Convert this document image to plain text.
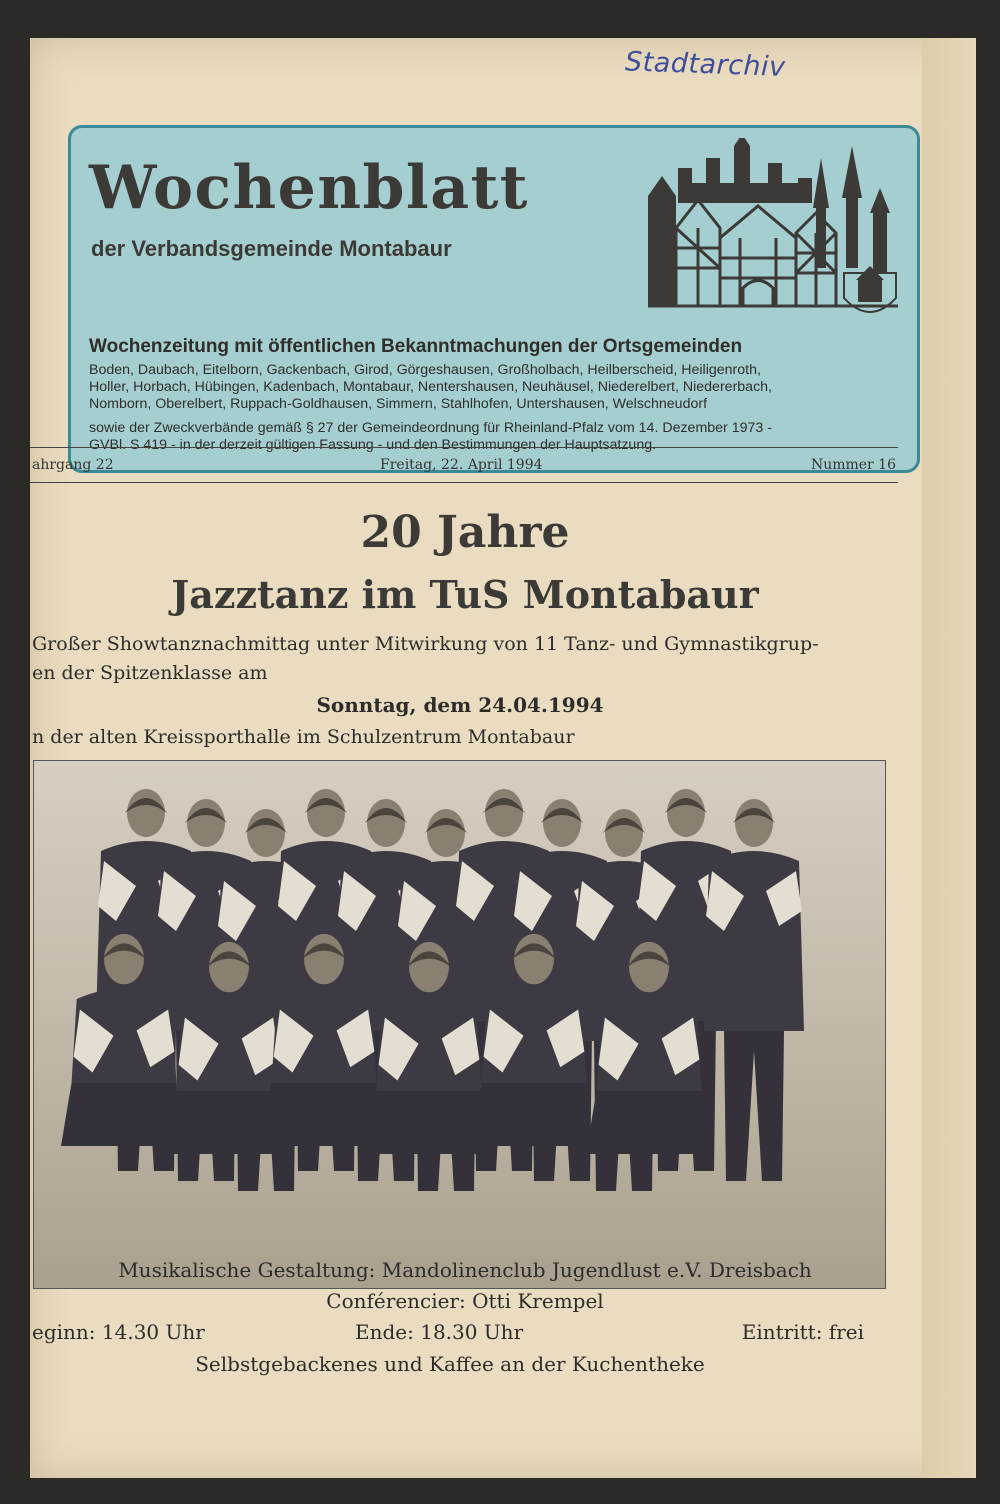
Stadtarchiv
Wochenblatt
der Verbandsgemeinde Montabaur
Wochenzeitung mit öffentlichen Bekanntmachungen der Ortsgemeinden
Boden, Daubach, Eitelborn, Gackenbach, Girod, Görgeshausen, Großholbach, Heilberscheid, Heiligenroth,
Holler, Horbach, Hübingen, Kadenbach, Montabaur, Nentershausen, Neuhäusel, Niederelbert, Niedererbach,
Nomborn, Oberelbert, Ruppach-Goldhausen, Simmern, Stahlhofen, Untershausen, Welschneudorf
sowie der Zweckverbände gemäß § 27 der Gemeindeordnung für Rheinland-Pfalz vom 14. Dezember 1973 -
GVBl. S 419 - in der derzeit gültigen Fassung - und den Bestimmungen der Hauptsatzung.
ahrgang 22	Freitag, 22. April 1994	Nummer 16
20 Jahre
Jazztanz im TuS Montabaur
Großer Showtanznachmittag unter Mitwirkung von 11 Tanz- und Gymnastikgrup-
en der Spitzenklasse am
Sonntag, dem 24.04.1994
n der alten Kreissporthalle im Schulzentrum Montabaur
Musikalische Gestaltung: Mandolinenclub Jugendlust e.V. Dreisbach
Conférencier: Otti Krempel
eginn: 14.30 Uhr	Ende: 18.30 Uhr	Eintritt: frei
Selbstgebackenes und Kaffee an der Kuchentheke
